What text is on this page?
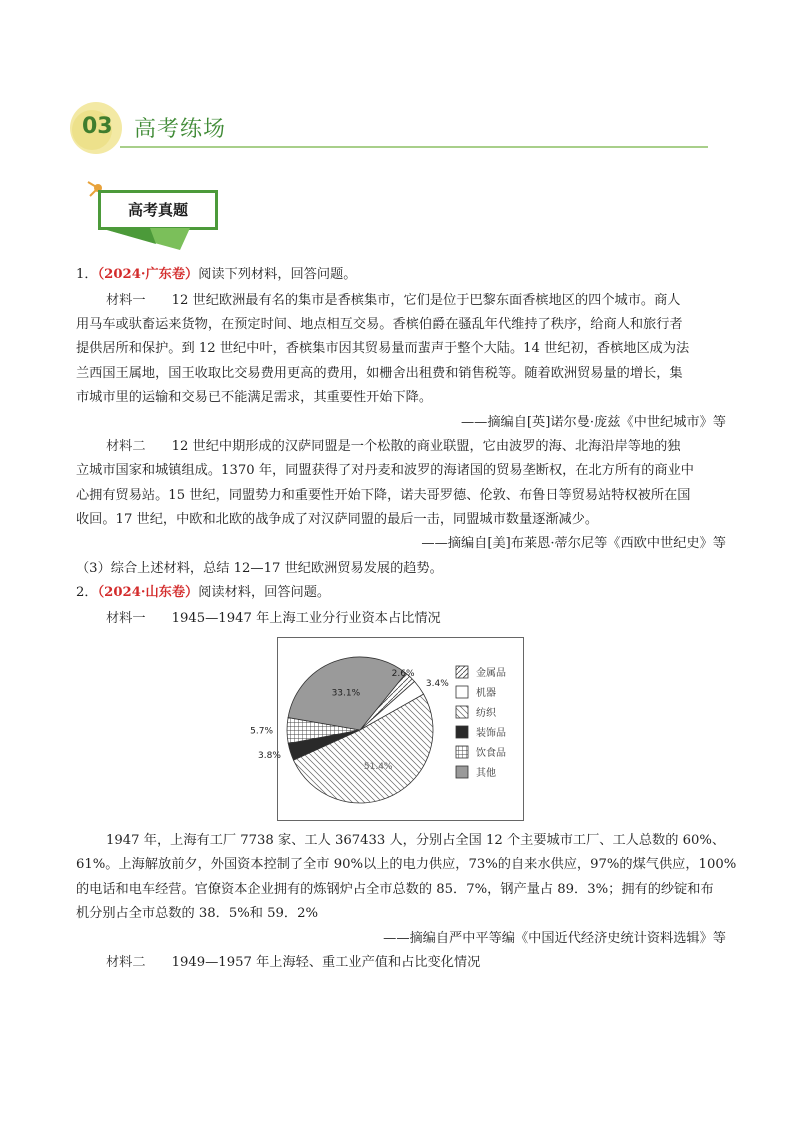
03 高考练场
高考真题
1．（2024·广东卷）阅读下列材料，回答问题。
材料一 12 世纪欧洲最有名的集市是香槟集市，它们是位于巴黎东面香槟地区的四个城市。商人
用马车或驮畜运来货物，在预定时间、地点相互交易。香槟伯爵在骚乱年代维持了秩序，给商人和旅行者
提供居所和保护。到 12 世纪中叶，香槟集市因其贸易量而蜚声于整个大陆。14 世纪初，香槟地区成为法
兰西国王属地，国王收取比交易费用更高的费用，如栅舍出租费和销售税等。随着欧洲贸易量的增长，集
市城市里的运输和交易已不能满足需求，其重要性开始下降。
——摘编自[英]诺尔曼·庞兹《中世纪城市》等
材料二 12 世纪中期形成的汉萨同盟是一个松散的商业联盟，它由波罗的海、北海沿岸等地的独
立城市国家和城镇组成。1370 年，同盟获得了对丹麦和波罗的海诸国的贸易垄断权，在北方所有的商业中
心拥有贸易站。15 世纪，同盟势力和重要性开始下降，诺夫哥罗德、伦敦、布鲁日等贸易站特权被所在国
收回。17 世纪，中欧和北欧的战争成了对汉萨同盟的最后一击，同盟城市数量逐渐减少。
——摘编自[美]布莱恩·蒂尔尼等《西欧中世纪史》等
（3）综合上述材料，总结 12—17 世纪欧洲贸易发展的趋势。
2．（2024·山东卷）阅读材料，回答问题。
材料一 1945—1947 年上海工业分行业资本占比情况
2.6%
3.4%
51.4%
3.8%
5.7%
33.1%
金属品
机器
纺织
装饰品
饮食品
其他
1947 年，上海有工厂 7738 家、工人 367433 人，分别占全国 12 个主要城市工厂、工人总数的 60%、
61%。上海解放前夕，外国资本控制了全市 90%以上的电力供应，73%的自来水供应，97%的煤气供应，100%
的电话和电车经营。官僚资本企业拥有的炼钢炉占全市总数的 85．7%，钢产量占 89．3%；拥有的纱锭和布
机分别占全市总数的 38．5%和 59．2%
——摘编自严中平等编《中国近代经济史统计资料选辑》等
材料二 1949—1957 年上海轻、重工业产值和占比变化情况
